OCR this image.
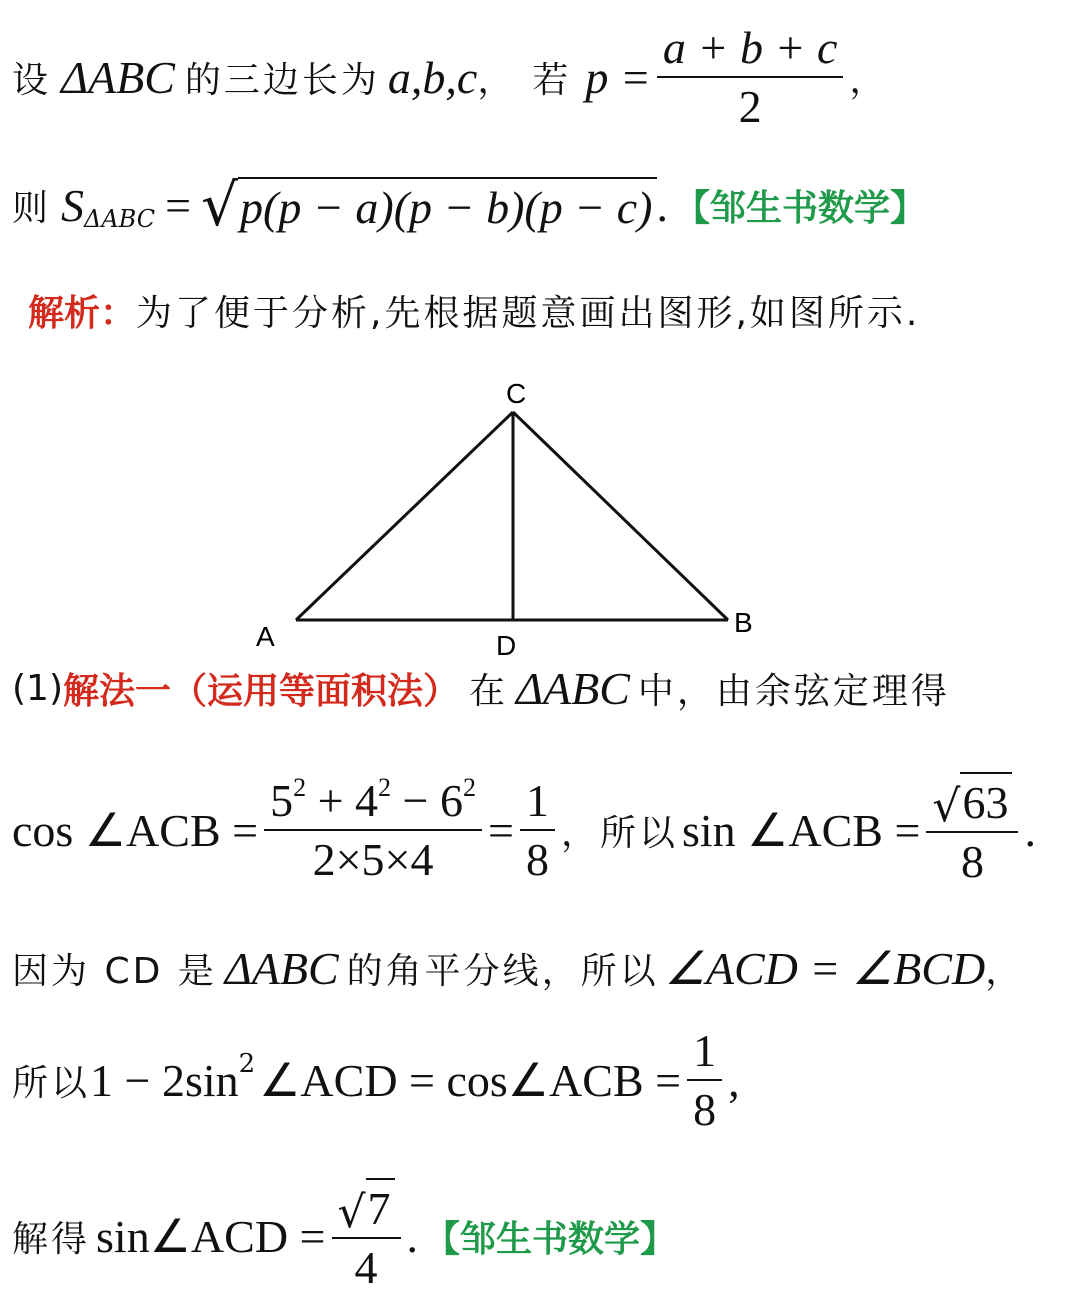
设 ΔABC 的三边长为 a,b,c ， 若 $p = \frac{a + b + c}{2}$ ，
则 S ΔABC = √ p(p − a)(p − b)(p − c) . 【邹生书数学】
解析： 为了便于分析,先根据题意画出图形,如图所示.
C
A	B
D
(1) 解法一（运用等面积法） 在 ΔABC 中，由余弦定理得
cos ∠ACB = $\frac{5^2 + 4^2 - 6^2}{2\times 5\times 4} = \frac{1}{8}$ ，所以 sin ∠ACB = $\frac{√ 63}{8}$ .
因为 CD 是 ΔABC 的角平分线，所以 ∠ACD = ∠BCD ，
所以 $1 - 2\sin^2$ ∠ACD = cos∠ACB = $\frac{1}{8}$ ,
解得 sin∠ACD = $\frac{√ 7}{4}$ . 【邹生书数学】
